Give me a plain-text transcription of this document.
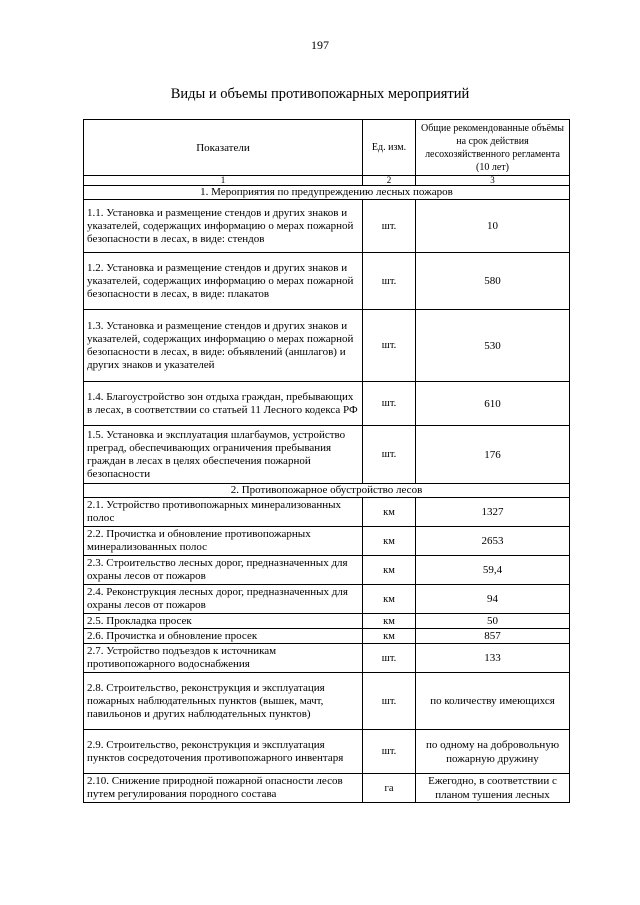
197
Виды и объемы противопожарных мероприятий
Показатели	Ед. изм.	Общие рекомендованные объёмы на срок действия лесохозяйственного регламента (10 лет)
1	2	3
1. Мероприятия по предупреждению лесных пожаров		
1.1. Установка и размещение стендов и других знаков и указателей, содержащих информацию о мерах пожарной безопасности в лесах, в виде: стендов	шт.	10
1.2. Установка и размещение стендов и других знаков и указателей, содержащих информацию о мерах пожарной безопасности в лесах, в виде: плакатов	шт.	580
1.3. Установка и размещение стендов и других знаков и указателей, содержащих информацию о мерах пожарной безопасности в лесах, в виде: объявлений (аншлагов) и других знаков и указателей	шт.	530
1.4. Благоустройство зон отдыха граждан, пребывающих в лесах, в соответствии со статьей 11 Лесного кодекса РФ	шт.	610
1.5. Установка и эксплуатация шлагбаумов, устройство преград, обеспечивающих ограничения пребывания граждан в лесах в целях обеспечения пожарной безопасности	шт.	176
2. Противопожарное обустройство лесов		
2.1. Устройство противопожарных минерализованных полос	км	1327
2.2. Прочистка и обновление противопожарных минерализованных полос	км	2653
2.3. Строительство лесных дорог, предназначенных для охраны лесов от пожаров	км	59,4
2.4. Реконструкция лесных дорог, предназначенных для охраны лесов от пожаров	км	94
2.5. Прокладка просек	км	50
2.6. Прочистка и обновление просек	км	857
2.7. Устройство подъездов к источникам противопожарного водоснабжения	шт.	133
2.8. Строительство, реконструкция и эксплуатация пожарных наблюдательных пунктов (вышек, мачт, павильонов и других наблюдательных пунктов)	шт.	по количеству имеющихся
2.9. Строительство, реконструкция и эксплуатация пунктов сосредоточения противопожарного инвентаря	шт.	по одному на добровольную пожарную дружину
2.10. Снижение природной пожарной опасности лесов путем регулирования породного состава	га	Ежегодно, в соответствии с планом тушения лесных
